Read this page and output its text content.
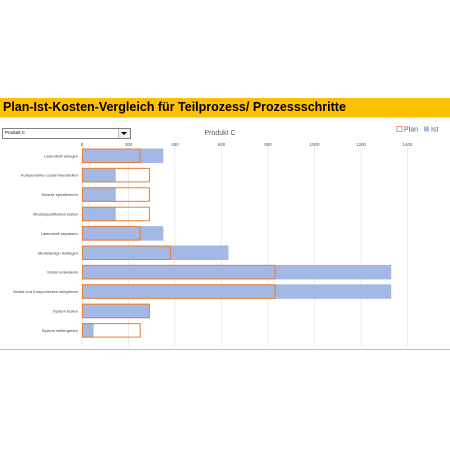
Plan-Ist-Kosten-Vergleich für Teilprozess/ Prozessschritte
Produkt C
0	200	400	600	800	1000	1200	1400
Produkt C	Plan Ist
Lastenheft anlegen
Komponenten zusammenstellen
Module spezifizieren
Modulspezifikation testen
Lastenheft anpassen
Moduldesign festlegen
Modul entwickeln
Modul und Komponenten integrieren
System testen
System weitergeben
